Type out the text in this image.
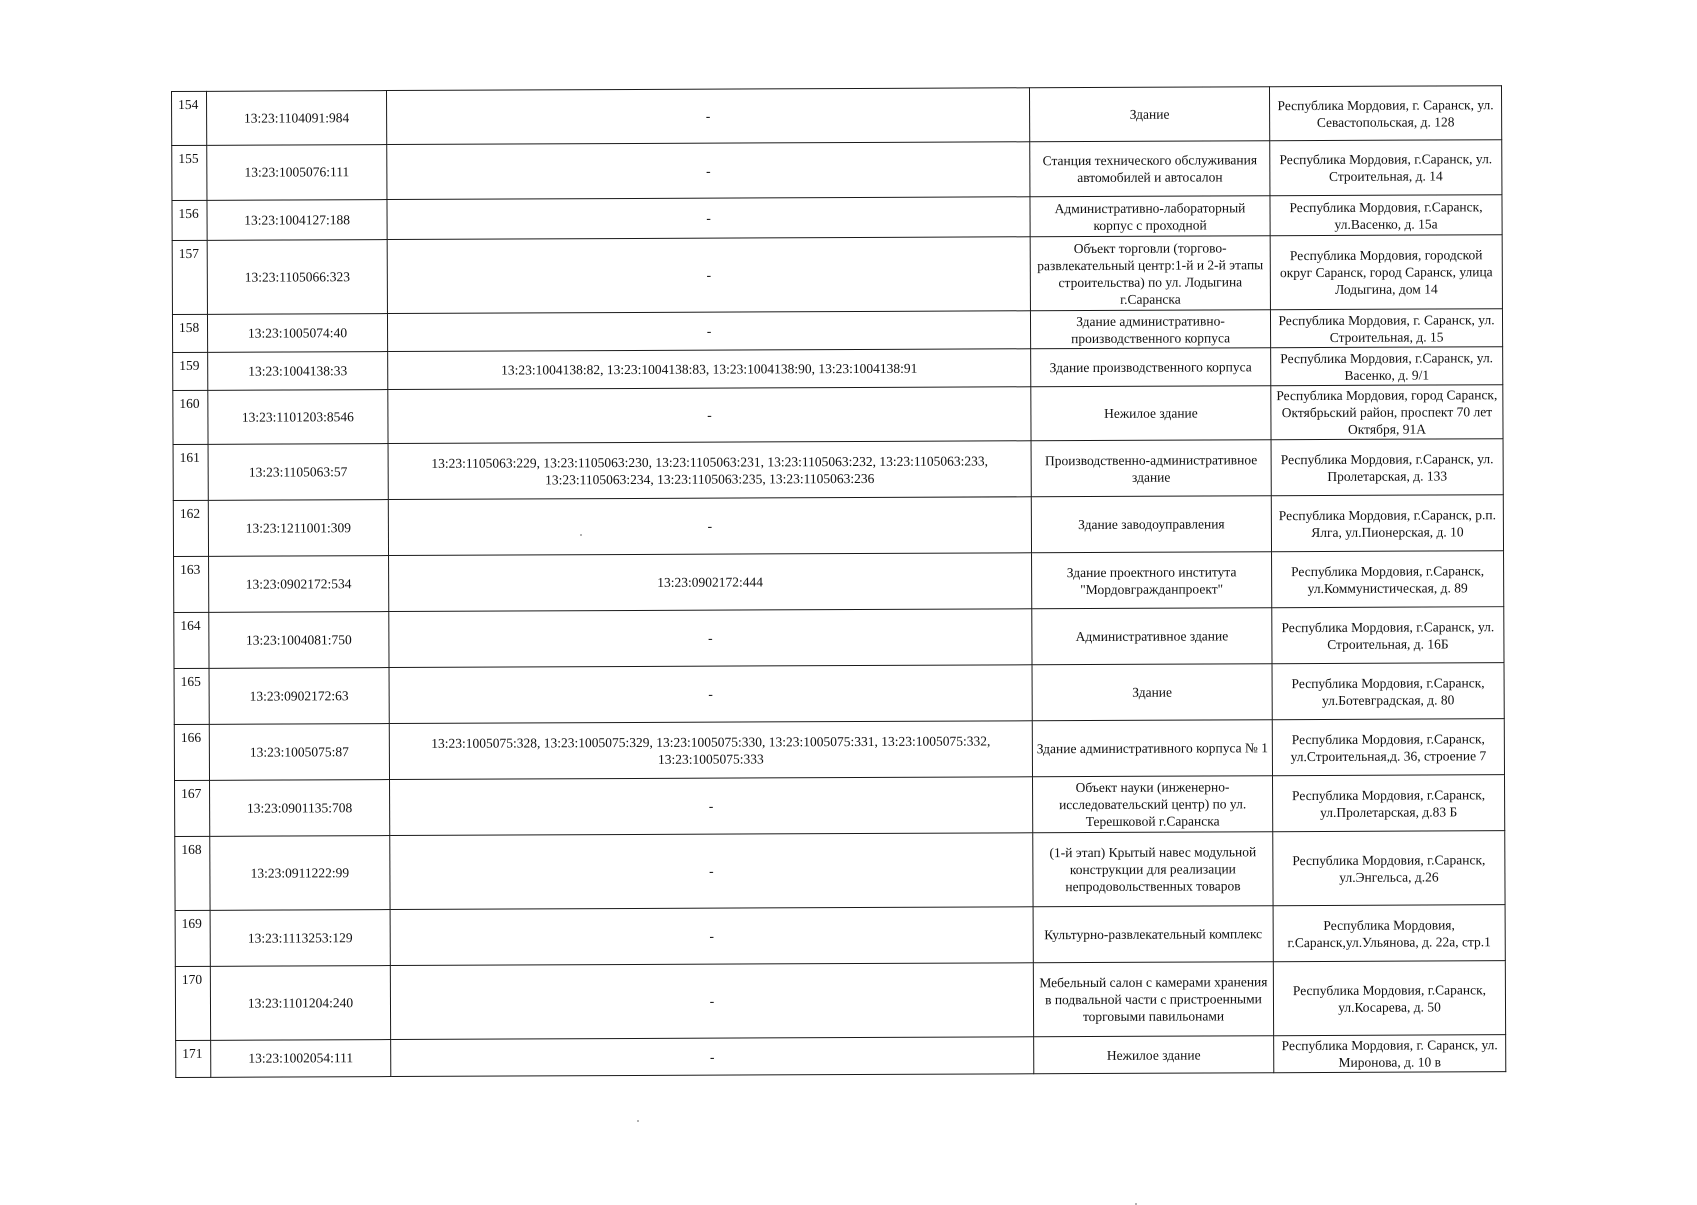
154	13:23:1104091:984	-	Здание	Республика Мордовия, г. Саранск, ул. Севастопольская, д. 128
155	13:23:1005076:111	-	Станция технического обслуживания автомобилей и автосалон	Республика Мордовия, г.Саранск, ул. Строительная, д. 14
156	13:23:1004127:188	-	Административно-лабораторный корпус с проходной	Республика Мордовия, г.Саранск, ул.Васенко, д. 15а
157	13:23:1105066:323	-	Объект торговли (торгово-развлекательный центр:1-й и 2-й этапы строительства) по ул. Лодыгина г.Саранска	Республика Мордовия, городской округ Саранск, город Саранск, улица Лодыгина, дом 14
158	13:23:1005074:40	-	Здание административно-производственного корпуса	Республика Мордовия, г. Саранск, ул. Строительная, д. 15
159	13:23:1004138:33	13:23:1004138:82, 13:23:1004138:83, 13:23:1004138:90, 13:23:1004138:91	Здание производственного корпуса	Республика Мордовия, г.Саранск, ул. Васенко, д. 9/1
160	13:23:1101203:8546	-	Нежилое здание	Республика Мордовия, город Саранск, Октябрьский район, проспект 70 лет Октября, 91А
161	13:23:1105063:57	13:23:1105063:229, 13:23:1105063:230, 13:23:1105063:231, 13:23:1105063:232, 13:23:1105063:233, 13:23:1105063:234, 13:23:1105063:235, 13:23:1105063:236	Производственно-административное здание	Республика Мордовия, г.Саранск, ул. Пролетарская, д. 133
162	13:23:1211001:309	-	Здание заводоуправления	Республика Мордовия, г.Саранск, р.п. Ялга, ул.Пионерская, д. 10
163	13:23:0902172:534	13:23:0902172:444	Здание проектного института "Мордовгражданпроект"	Республика Мордовия, г.Саранск, ул.Коммунистическая, д. 89
164	13:23:1004081:750	-	Административное здание	Республика Мордовия, г.Саранск, ул. Строительная, д. 16Б
165	13:23:0902172:63	-	Здание	Республика Мордовия, г.Саранск, ул.Ботевградская, д. 80
166	13:23:1005075:87	13:23:1005075:328, 13:23:1005075:329, 13:23:1005075:330, 13:23:1005075:331, 13:23:1005075:332, 13:23:1005075:333	Здание административного корпуса № 1	Республика Мордовия, г.Саранск, ул.Строительная,д. 36, строение 7
167	13:23:0901135:708	-	Объект науки (инженерно-исследовательский центр) по ул. Терешковой г.Саранска	Республика Мордовия, г.Саранск, ул.Пролетарская, д.83 Б
168	13:23:0911222:99	-	(1-й этап) Крытый навес модульной конструкции для реализации непродовольственных товаров	Республика Мордовия, г.Саранск, ул.Энгельса, д.26
169	13:23:1113253:129	-	Культурно-развлекательный комплекс	Республика Мордовия, г.Саранск,ул.Ульянова, д. 22а, стр.1
170	13:23:1101204:240	-	Мебельный салон с камерами хранения в подвальной части с пристроенными торговыми павильонами	Республика Мордовия, г.Саранск, ул.Косарева, д. 50
171	13:23:1002054:111	-	Нежилое здание	Республика Мордовия, г. Саранск, ул. Миронова, д. 10 в
